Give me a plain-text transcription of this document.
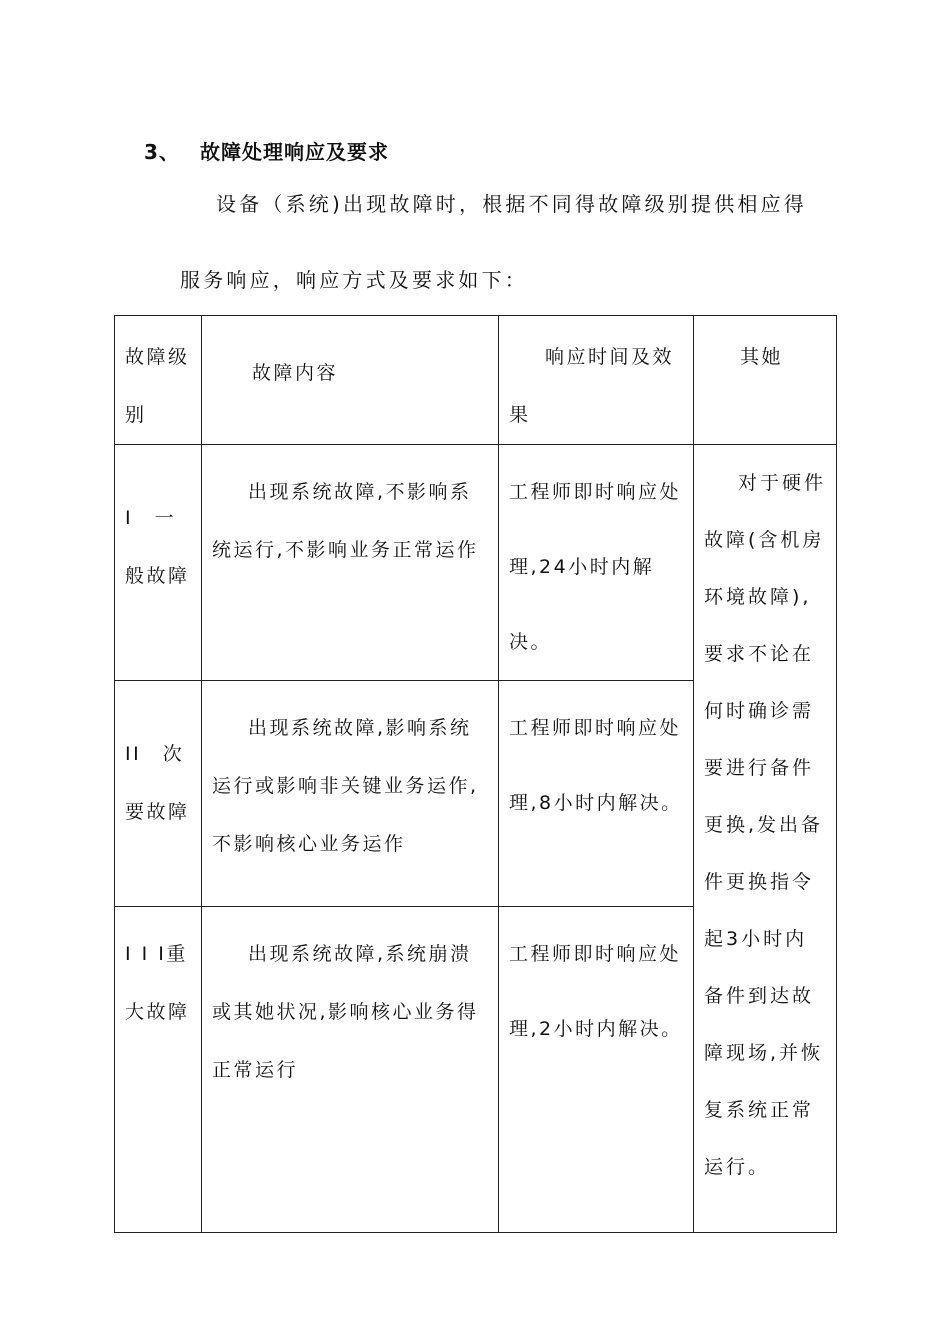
3、 故障处理响应及要求
设备（系统)出现故障时，根据不同得故障级别提供相应得
服务响应，响应方式及要求如下：
故障级别	故障内容	响应时间及效果	其她

I　一般故障	出现系统故障,不影响系统运行,不影响业务正常运作	工程师即时响应处理,24小时内解决。	对于硬件故障(含机房环境故障),要求不论在何时确诊需要进行备件更换,发出备件更换指令起3小时内备件到达故障现场,并恢复系统正常运行。

II　次要故障	出现系统故障,影响系统运行或影响非关键业务运作,不影响核心业务运作	工程师即时响应处理,8小时内解决。	

I I I重大故障	出现系统故障,系统崩溃或其她状况,影响核心业务得正常运行	工程师即时响应处理,2小时内解决。	
